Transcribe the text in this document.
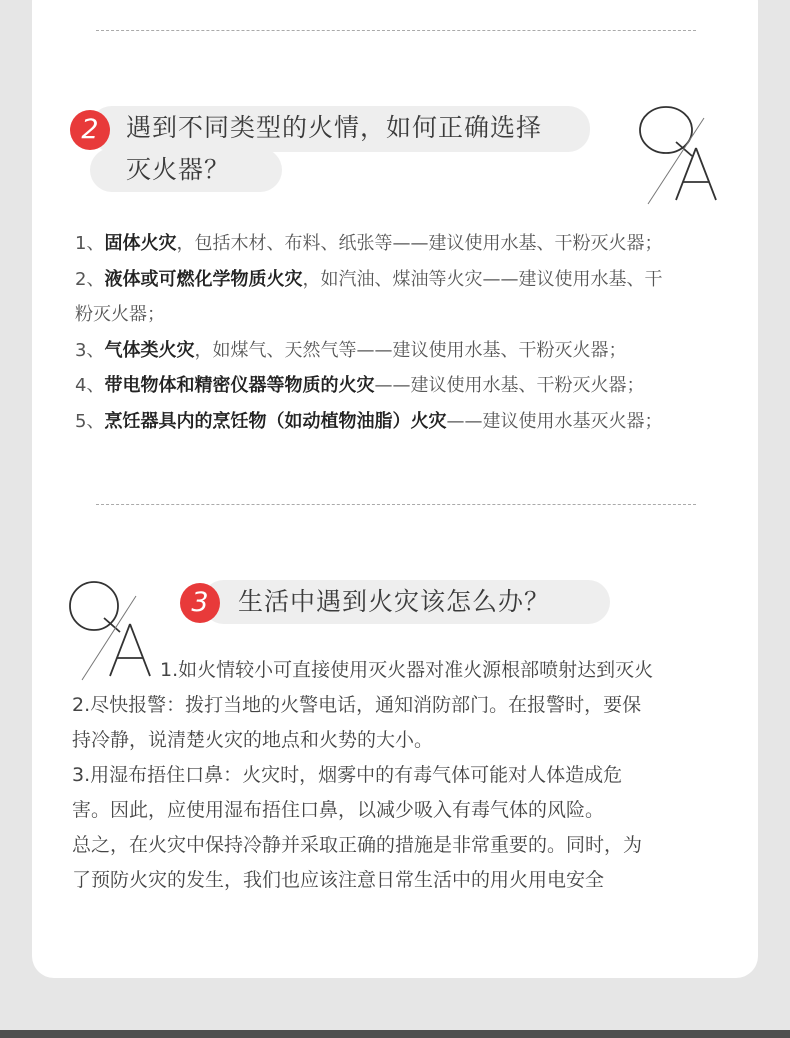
2	遇到不同类型的火情，如何正确选择
灭火器？
1、固体火灾，包括木材、布料、纸张等——建议使用水基、干粉灭火器；
2、液体或可燃化学物质火灾，如汽油、煤油等火灾——建议使用水基、干
粉灭火器；
3、气体类火灾，如煤气、天然气等——建议使用水基、干粉灭火器；
4、带电物体和精密仪器等物质的火灾——建议使用水基、干粉灭火器；
5、烹饪器具内的烹饪物（如动植物油脂）火灾——建议使用水基灭火器；
3	生活中遇到火灾该怎么办？

1.如火情较小可直接使用灭火器对准火源根部喷射达到灭火

2.尽快报警：拨打当地的火警电话，通知消防部门。在报警时，要保

持冷静，说清楚火灾的地点和火势的大小。

3.用湿布捂住口鼻：火灾时，烟雾中的有毒气体可能对人体造成危

害。因此，应使用湿布捂住口鼻，以减少吸入有毒气体的风险。

总之，在火灾中保持冷静并采取正确的措施是非常重要的。同时，为

了预防火灾的发生，我们也应该注意日常生活中的用火用电安全
